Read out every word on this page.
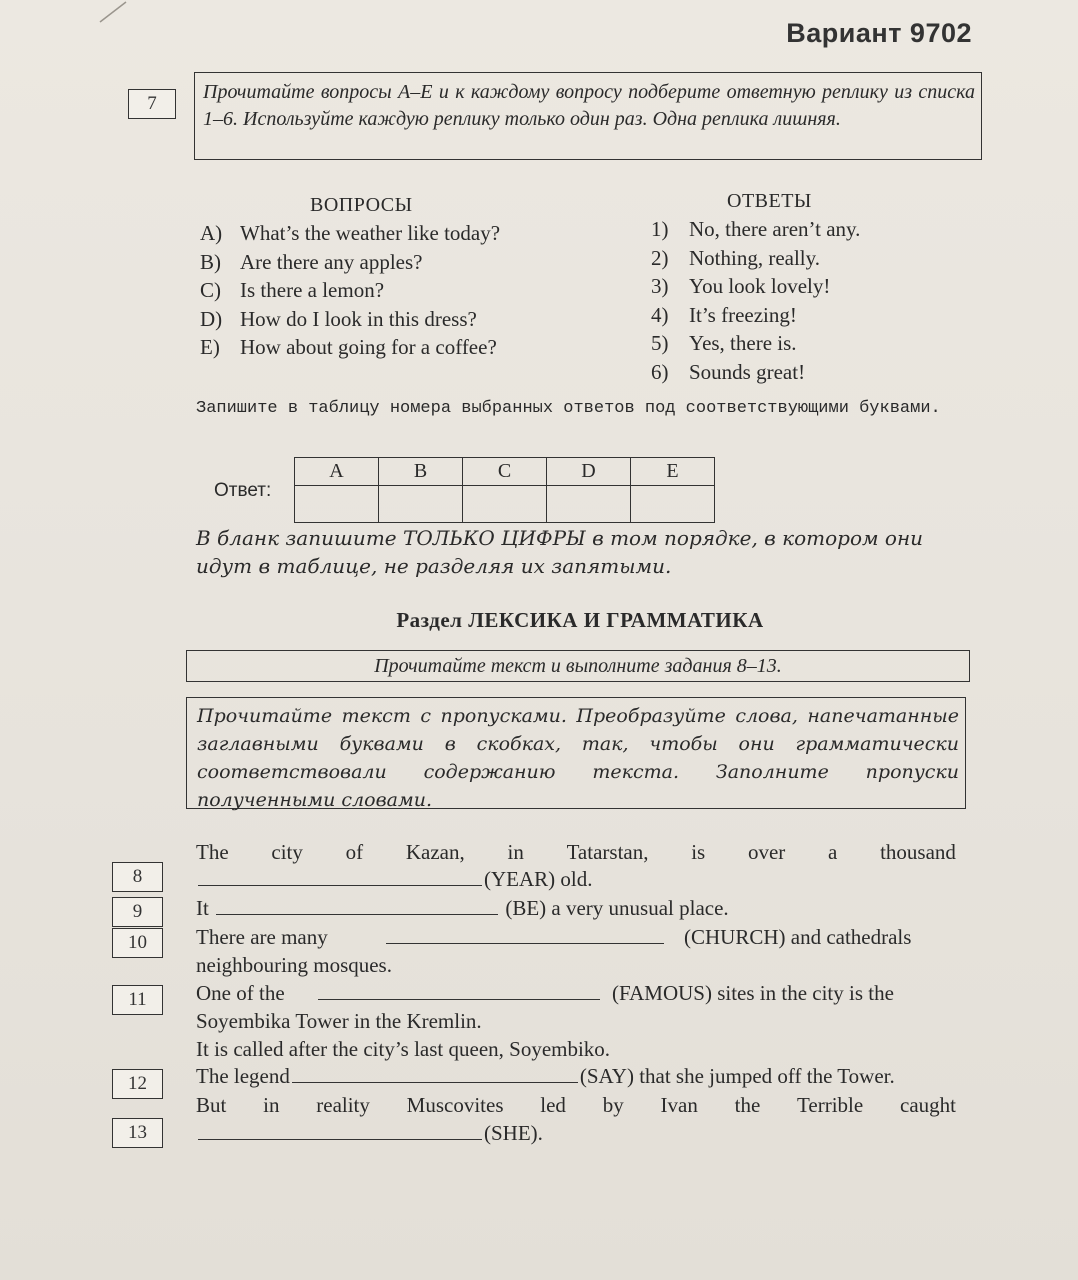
Вариант 9702
7
Прочитайте вопросы A–E и к каждому вопросу подберите ответную реплику из списка 1–6. Используйте каждую реплику только один раз. Одна реплика лишняя.
ВОПРОСЫ	ОТВЕТЫ
A) What’s the weather like today?
B) Are there any apples?
C) Is there a lemon?
D) How do I look in this dress?
E) How about going for a coffee?
1) No, there aren’t any.
2) Nothing, really.
3) You look lovely!
4) It’s freezing!
5) Yes, there is.
6) Sounds great!
Запишите в таблицу номера выбранных ответов под соответствующими буквами.
Ответ:
A	B	C	D	E

В бланк запишите ТОЛЬКО ЦИФРЫ в том порядке, в котором они идут в таблице, не разделяя их запятыми.
Раздел ЛЕКСИКА И ГРАММАТИКА
Прочитайте текст и выполните задания 8–13.
Прочитайте текст с пропусками. Преобразуйте слова, напечатанные заглавными буквами в скобках, так, чтобы они грамматически соответствовали содержанию текста. Заполните пропуски полученными словами.
8
9
10
11
12
13
The city of Kazan, in Tatarstan, is over a thousand
(YEAR) old.
It	(BE) a very unusual place.
There are many	(CHURCH) and cathedrals
neighbouring mosques.
One of the	(FAMOUS) sites in the city is the
Soyembika Tower in the Kremlin.
It is called after the city’s last queen, Soyembiko.
The legend	(SAY) that she jumped off the Tower.
But in reality Muscovites led by Ivan the Terrible caught
(SHE).
